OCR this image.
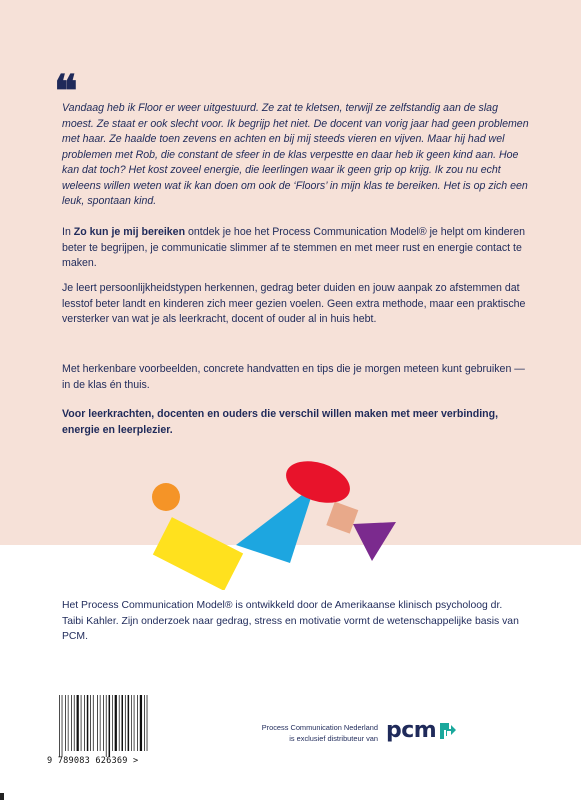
❝
Vandaag heb ik Floor er weer uitgestuurd. Ze zat te kletsen, terwijl ze zelfstandig aan de slag moest. Ze staat er ook slecht voor. Ik begrijp het niet. De docent van vorig jaar had geen problemen met haar. Ze haalde toen zevens en achten en bij mij steeds vieren en vijven. Maar hij had wel problemen met Rob, die constant de sfeer in de klas verpestte en daar heb ik geen kind aan. Hoe kan dat toch? Het kost zoveel energie, die leerlingen waar ik geen grip op krijg. Ik zou nu echt weleens willen weten wat ik kan doen om ook de ‘Floors’ in mijn klas te bereiken. Het is op zich een leuk, spontaan kind.
In Zo kun je mij bereiken ontdek je hoe het Process Communication Model® je helpt om kinderen beter te begrijpen, je communicatie slimmer af te stemmen en met meer rust en energie contact te maken.
Je leert persoonlijkheidstypen herkennen, gedrag beter duiden en jouw aanpak zo afstemmen dat lesstof beter landt en kinderen zich meer gezien voelen. Geen extra methode, maar een praktische versterker van wat je als leerkracht, docent of ouder al in huis hebt.
Met herkenbare voorbeelden, concrete handvatten en tips die je morgen meteen kunt gebruiken — in de klas én thuis.
Voor leerkrachten, docenten en ouders die verschil willen maken met meer verbinding, energie en leerplezier.
Het Process Communication Model® is ontwikkeld door de Amerikaanse klinisch psycholoog dr. Taibi Kahler. Zijn onderzoek naar gedrag, stress en motivatie vormt de wetenschappelijke basis van PCM.
9 789083 626369 >
Process Communication Nederland
is exclusief distributeur van pcm
